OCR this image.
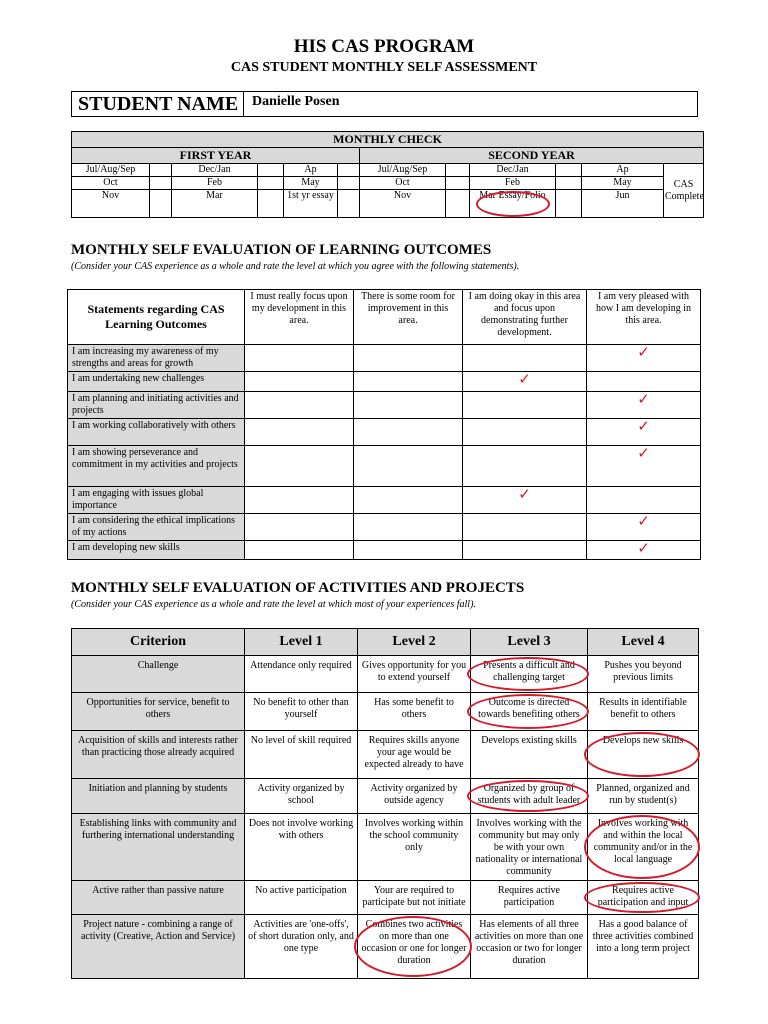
HIS CAS PROGRAM
CAS STUDENT MONTHLY SELF ASSESSMENT
STUDENT NAME Danielle Posen
MONTHLY CHECK											
FIRST YEAR						SECOND YEAR					
Jul/Aug/Sep		Dec/Jan		Ap		Jul/Aug/Sep		Dec/Jan		Ap	CAS Complete
Oct		Feb		May		Oct		Feb		May	
Nov		Mar		1st yr essay		Nov		Mar Essay/Folio		Jun	
MONTHLY SELF EVALUATION OF LEARNING OUTCOMES
(Consider your CAS experience as a whole and rate the level at which you agree with the following statements).
Statements regarding CAS Learning Outcomes	I must really focus upon my development in this area.	There is some room for improvement in this area.	I am doing okay in this area and focus upon demonstrating further development.	I am very pleased with how I am developing in this area.
I am increasing my awareness of my strengths and areas for growth				✓
I am undertaking new challenges			✓	
I am planning and initiating activities and projects				✓
I am working collaboratively with others				✓
I am showing perseverance and commitment in my activities and projects				✓
I am engaging with issues global importance			✓	
I am considering the ethical implications of my actions				✓
I am developing new skills				✓
MONTHLY SELF EVALUATION OF ACTIVITIES AND PROJECTS
(Consider your CAS experience as a whole and rate the level at which most of your experiences fall).
Criterion	Level 1	Level 2	Level 3	Level 4
Challenge	Attendance only required	Gives opportunity for you to extend yourself	Presents a difficult and challenging target	Pushes you beyond previous limits
Opportunities for service, benefit to others	No benefit to other than yourself	Has some benefit to others	Outcome is directed towards benefiting others	Results in identifiable benefit to others
Acquisition of skills and interests rather than practicing those already acquired	No level of skill required	Requires skills anyone your age would be expected already to have	Develops existing skills	Develops new skills

Initiation and planning by students	Activity organized by school	Activity organized by outside agency	Organized by group of students with adult leader	Planned, organized and run by student(s)
Establishing links with community and furthering international understanding	Does not involve working with others	Involves working within the school community only	Involves working with the community but may only be with your own nationality or international community	Involves working with and within the local community and/or in the local language

Active rather than passive nature	No active participation	Your are required to participate but not initiate	Requires active participation	Requires active participation and input

Project nature - combining a range of activity (Creative, Action and Service)	Activities are 'one-offs', of short duration only, and one type	Combines two activities on more than one occasion or one for longer duration	Has elements of all three activities on more than one occasion or two for longer duration	Has a good balance of three activities combined into a long term project
